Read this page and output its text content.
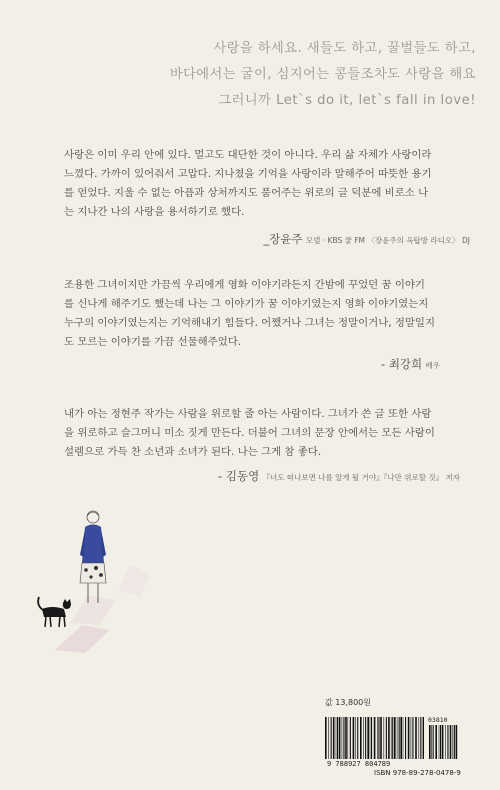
사랑을 하세요. 새들도 하고, 꿀벌들도 하고,
바다에서는 굴이, 심지어는 콩들조차도 사랑을 해요
그러니까 Let`s do it, let`s fall in love!
사랑은 이미 우리 안에 있다. 멀고도 대단한 것이 아니다. 우리 삶 자체가 사랑이라
느꼈다. 가까이 있어줘서 고맙다. 지나쳤을 기억을 사랑이라 말해주어 따뜻한 용기
를 얻었다. 지울 수 없는 아픔과 상처까지도 품어주는 위로의 글 덕분에 비로소 나
는 지나간 나의 사랑을 용서하기로 했다.
_장윤주 모델 · KBS 쿨 FM 〈장윤주의 옥탑방 라디오〉 DJ
조용한 그녀이지만 가끔씩 우리에게 영화 이야기라든지 간밤에 꾸었던 꿈 이야기
를 신나게 해주기도 했는데 나는 그 이야기가 꿈 이야기였는지 영화 이야기였는지
누구의 이야기였는지는 기억해내기 힘들다. 어쨌거나 그녀는 정말이거나, 정말일지
도 모르는 이야기를 가끔 선물해주었다.
- 최강희 배우
내가 아는 정현주 작가는 사람을 위로할 줄 아는 사람이다. 그녀가 쓴 글 또한 사람
을 위로하고 슬그머니 미소 짓게 만든다. 더불어 그녀의 문장 안에서는 모든 사람이
설렘으로 가득 찬 소년과 소녀가 된다. 나는 그게 참 좋다.
- 김동영 『너도 떠나보면 나를 알게 될 거야』『나만 위로할 것』 저자
값 13,800원
03810
9 788927 804789
ISBN 978-89-278-0478-9
